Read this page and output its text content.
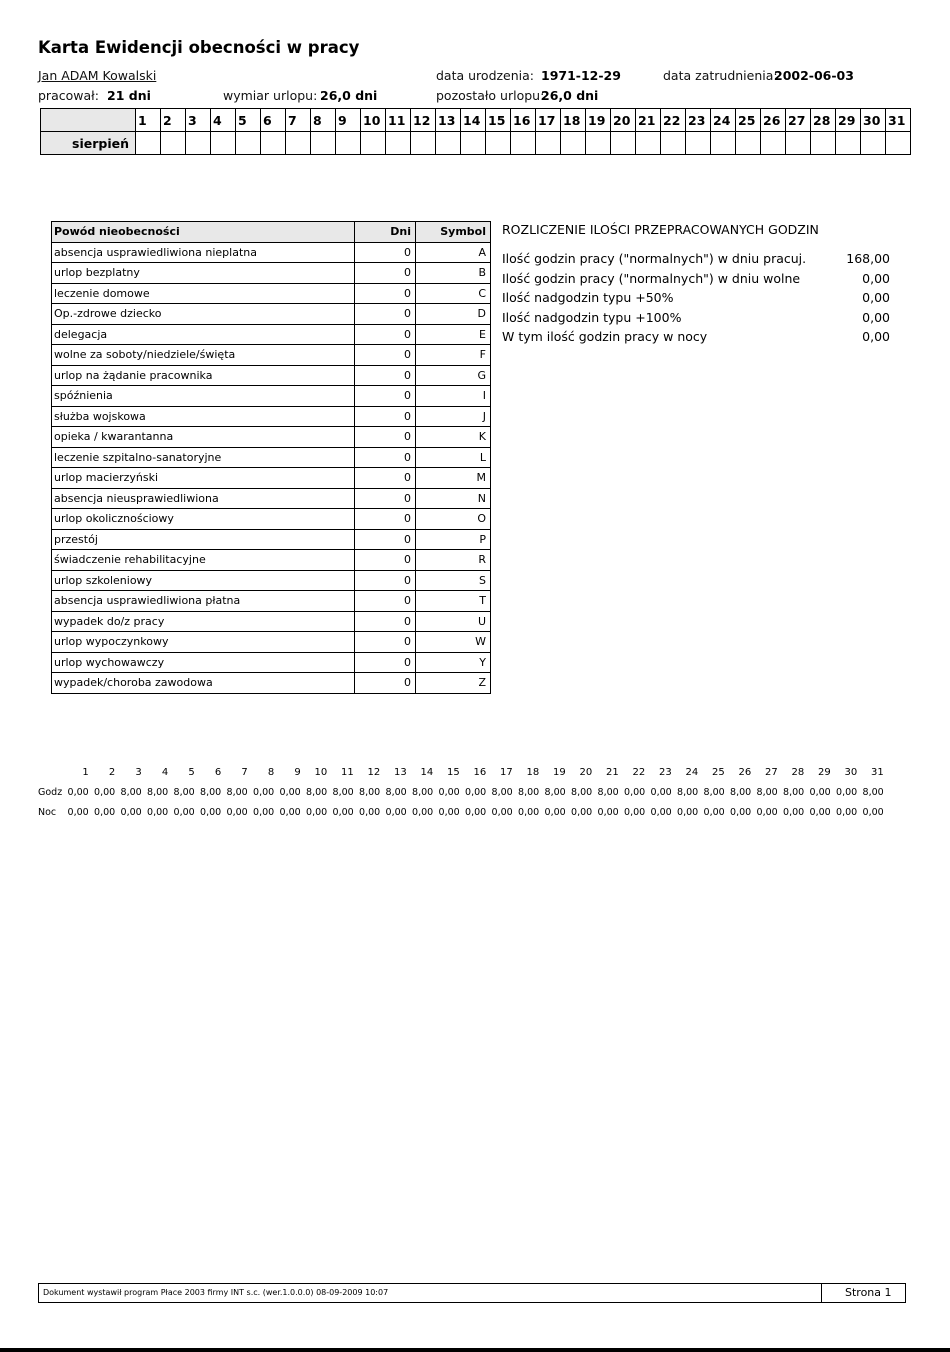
Karta Ewidencji obecności w pracy
Jan ADAM Kowalski	data urodzenia: 1971-12-29	data zatrudnienia:
2002-06-03
pracował: 21 dni	wymiar urlopu: 26,0 dni	pozostało urlopu:
26,0 dni
	1	2	3	4	5	6	7	8	9	10	11	12	13	14	15	16	17	18	19	20	21	22	23	24	25	26	27	28	29	30	31
sierpień																															
Powód nieobecności	Dni	Symbol
absencja usprawiedliwiona nieplatna	0	A
urlop bezplatny	0	B
leczenie domowe	0	C
Op.-zdrowe dziecko	0	D
delegacja	0	E
wolne za soboty/niedziele/święta	0	F
urlop na żądanie pracownika	0	G
spóźnienia	0	I
służba wojskowa	0	J
opieka / kwarantanna	0	K
leczenie szpitalno-sanatoryjne	0	L
urlop macierzyński	0	M
absencja nieusprawiedliwiona	0	N
urlop okolicznościowy	0	O
przestój	0	P
świadczenie rehabilitacyjne	0	R
urlop szkoleniowy	0	S
absencja usprawiedliwiona płatna	0	T
wypadek do/z pracy	0	U
urlop wypoczynkowy	0	W
urlop wychowawczy	0	Y
wypadek/choroba zawodowa	0	Z
ROZLICZENIE ILOŚCI PRZEPRACOWANYCH GODZIN
Ilość godzin pracy ("normalnych") w dniu pracuj.	168,00
Ilość godzin pracy ("normalnych") w dniu wolne	0,00
Ilość nadgodzin typu +50%	0,00
Ilość nadgodzin typu +100%	0,00
W tym ilość godzin pracy w nocy	0,00
	1	2	3	4	5	6	7	8	9	10	11	12	13	14	15	16	17	18	19	20	21	22	23	24	25	26	27	28	29	30	31
Godz	0,00	0,00	8,00	8,00	8,00	8,00	8,00	0,00	0,00	8,00	8,00	8,00	8,00	8,00	0,00	0,00	8,00	8,00	8,00	8,00	8,00	0,00	0,00	8,00	8,00	8,00	8,00	8,00	0,00	0,00	8,00
Noc	0,00	0,00	0,00	0,00	0,00	0,00	0,00	0,00	0,00	0,00	0,00	0,00	0,00	0,00	0,00	0,00	0,00	0,00	0,00	0,00	0,00	0,00	0,00	0,00	0,00	0,00	0,00	0,00	0,00	0,00	0,00
Dokument wystawił program Płace 2003 firmy INT s.c. (wer.1.0.0.0) 08-09-2009 10:07	Strona 1
